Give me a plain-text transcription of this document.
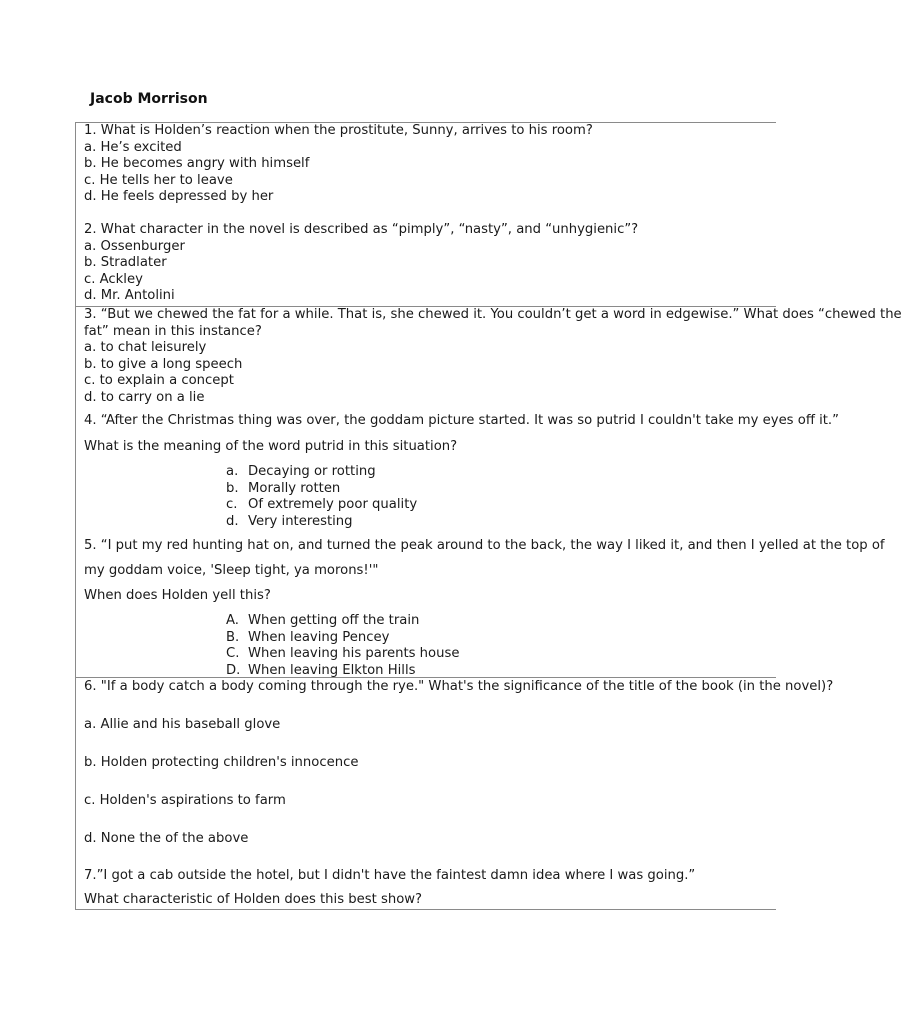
Jacob Morrison
1. What is Holden’s reaction when the prostitute, Sunny, arrives to his room?
a. He’s excited
b. He becomes angry with himself
c. He tells her to leave
d. He feels depressed by her
2. What character in the novel is described as “pimply”, “nasty”, and “unhygienic”?
a. Ossenburger
b. Stradlater
c. Ackley
d. Mr. Antolini
3. “But we chewed the fat for a while. That is, she chewed it. You couldn’t get a word in edgewise.” What does “chewed the
fat” mean in this instance?
a. to chat leisurely
b. to give a long speech
c. to explain a concept
d. to carry on a lie
4. “After the Christmas thing was over, the goddam picture started. It was so putrid I couldn't take my eyes off it.”
What is the meaning of the word putrid in this situation?
a. Decaying or rotting
b. Morally rotten
c. Of extremely poor quality
d. Very interesting
5. “I put my red hunting hat on, and turned the peak around to the back, the way I liked it, and then I yelled at the top of
my goddam voice, 'Sleep tight, ya morons!'"
When does Holden yell this?
A. When getting off the train
B. When leaving Pencey
C. When leaving his parents house
D. When leaving Elkton Hills
6. "If a body catch a body coming through the rye." What's the significance of the title of the book (in the novel)?
a. Allie and his baseball glove
b. Holden protecting children's innocence
c. Holden's aspirations to farm
d. None the of the above
7.”I got a cab outside the hotel, but I didn't have the faintest damn idea where I was going.”
What characteristic of Holden does this best show?
